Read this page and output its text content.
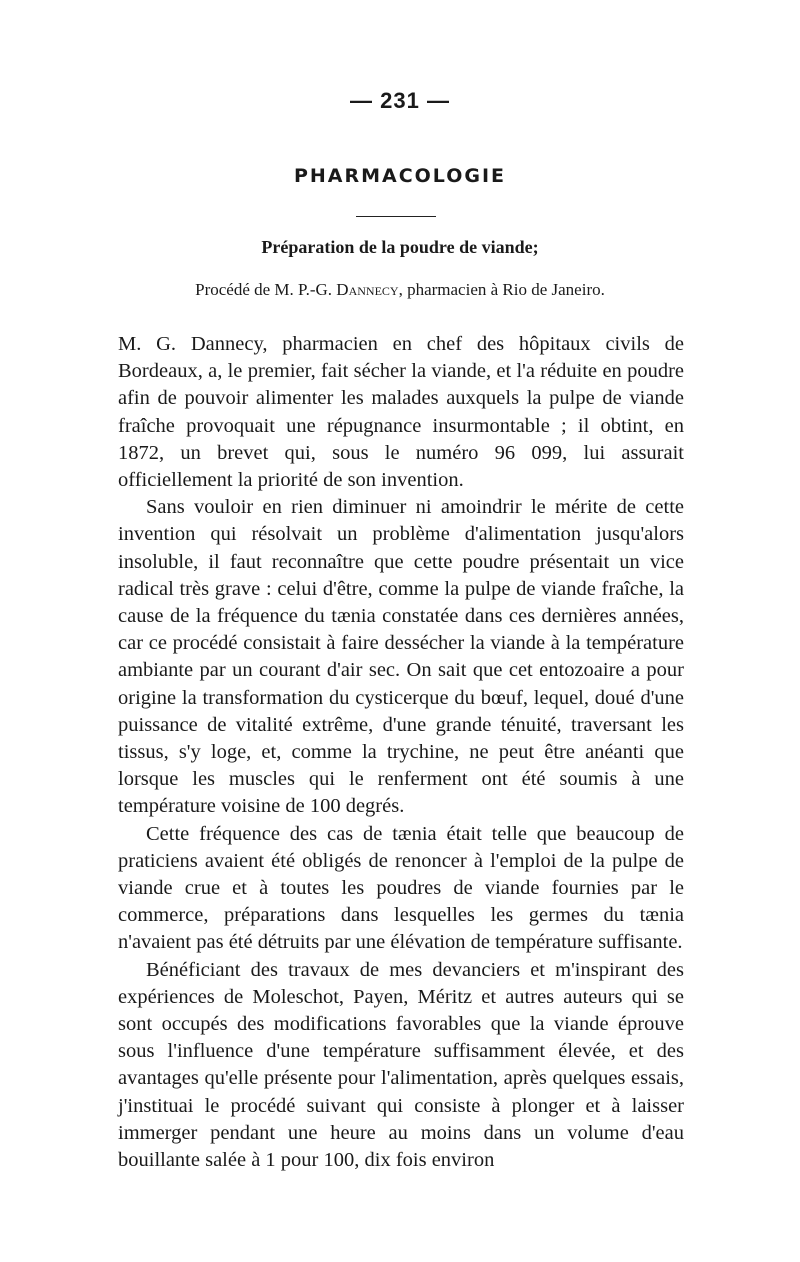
— 231 —
PHARMACOLOGIE
Préparation de la poudre de viande;
Procédé de M. P.-G. Dannecy, pharmacien à Rio de Janeiro.

M. G. Dannecy, pharmacien en chef des hôpitaux civils de Bordeaux, a, le premier, fait sécher la viande, et l'a réduite en poudre afin de pouvoir alimenter les malades auxquels la pulpe de viande fraîche provoquait une répugnance insurmontable ; il obtint, en 1872, un brevet qui, sous le numéro 96 099, lui assurait officiellement la priorité de son invention.

Sans vouloir en rien diminuer ni amoindrir le mérite de cette invention qui résolvait un problème d'alimentation jusqu'alors insoluble, il faut reconnaître que cette poudre présentait un vice radical très grave : celui d'être, comme la pulpe de viande fraîche, la cause de la fréquence du tænia constatée dans ces dernières années, car ce procédé consistait à faire dessécher la viande à la température ambiante par un courant d'air sec. On sait que cet entozoaire a pour origine la transformation du cysticerque du bœuf, lequel, doué d'une puissance de vitalité extrême, d'une grande ténuité, traversant les tissus, s'y loge, et, comme la trychine, ne peut être anéanti que lorsque les muscles qui le renferment ont été soumis à une température voisine de 100 degrés.

Cette fréquence des cas de tænia était telle que beaucoup de praticiens avaient été obligés de renoncer à l'emploi de la pulpe de viande crue et à toutes les poudres de viande fournies par le commerce, préparations dans lesquelles les germes du tænia n'avaient pas été détruits par une élévation de température suffisante.

Bénéficiant des travaux de mes devanciers et m'inspirant des expériences de Moleschot, Payen, Méritz et autres auteurs qui se sont occupés des modifications favorables que la viande éprouve sous l'influence d'une température suffisamment élevée, et des avantages qu'elle présente pour l'alimentation, après quelques essais, j'instituai le procédé suivant qui consiste à plonger et à laisser immerger pendant une heure au moins dans un volume d'eau bouillante salée à 1 pour 100, dix fois environ
